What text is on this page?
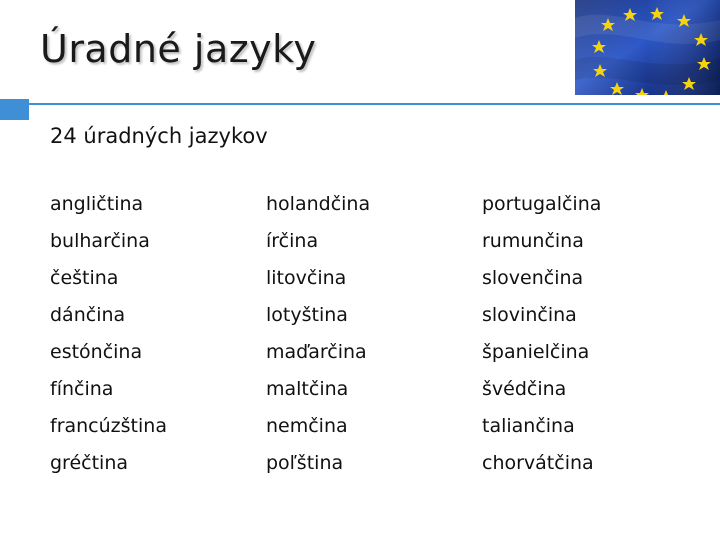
Úradné jazyky
24 úradných jazykov
angličtina	holandčina	portugalčina
bulharčina	írčina	rumunčina
čeština	litovčina	slovenčina
dánčina	lotyština	slovinčina
estónčina	maďarčina	španielčina
fínčina	maltčina	švédčina
francúzština	nemčina	taliančina
gréčtina	poľština	chorvátčina
